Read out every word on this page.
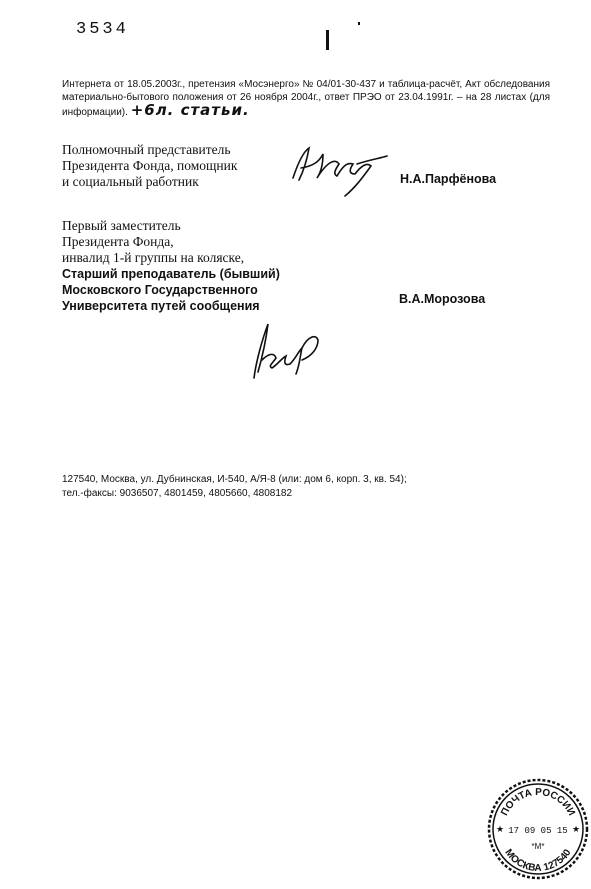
3534
Интернета от 18.05.2003г., претензия «Мосэнерго» № 04/01-30-437 и таблица-расчёт, Акт обследования материально-бытового положения от 26 ноября 2004г., ответ ПРЭО от 23.04.1991г. – на 28 листах (для информации). +6л. статьи.
Полномочный представитель
Президента Фонда, помощник
и социальный работник	Н.А.Парфёнова
Первый заместитель
Президента Фонда,
инвалид 1-й группы на коляске,
Старший преподаватель (бывший)
Московского Государственного
Университета путей сообщения	В.А.Морозова
127540, Москва, ул. Дубнинская, И-540, А/Я-8 (или: дом 6, корп. 3, кв. 54);
тел.-факсы: 9036507, 4801459, 4805660, 4808182
ПОЧТА РОССИИ
МОСКВА 127540
17 09 05 15
*М*
★	★
